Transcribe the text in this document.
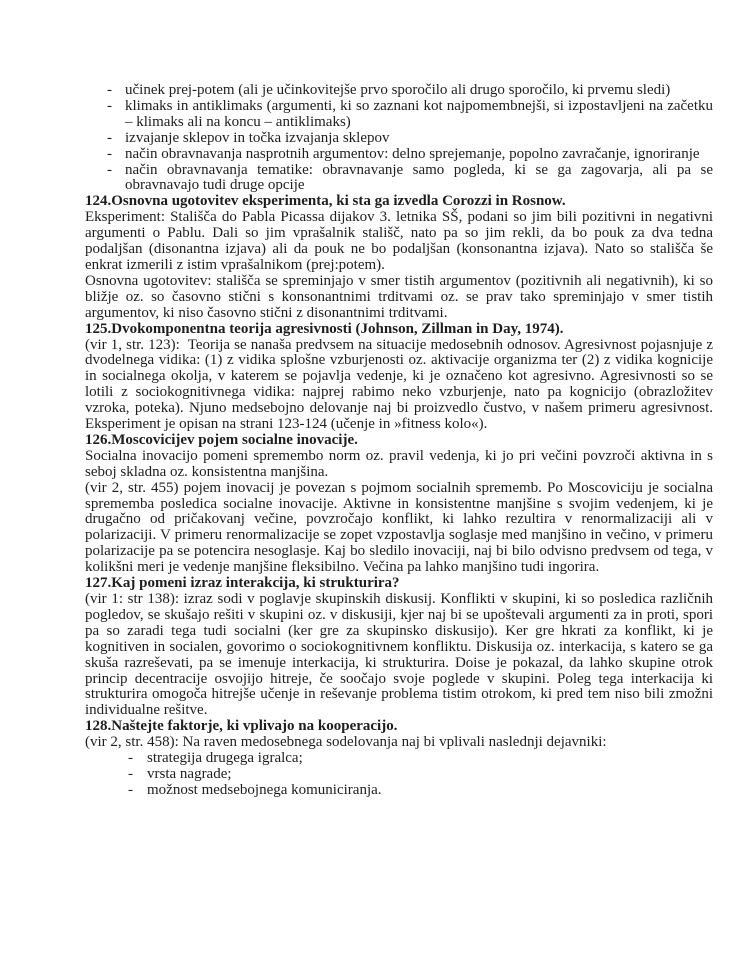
- učinek prej-potem (ali je učinkovitejše prvo sporočilo ali drugo sporočilo, ki prvemu sledi)
- klimaks in antiklimaks (argumenti, ki so zaznani kot najpomembnejši, si izpostavljeni na začetku – klimaks ali na koncu – antiklimaks)
- izvajanje sklepov in točka izvajanja sklepov
- način obravnavanja nasprotnih argumentov: delno sprejemanje, popolno zavračanje, ignoriranje
- način obravnavanja tematike: obravnavanje samo pogleda, ki se ga zagovarja, ali pa se obravnavajo tudi druge opcije
124.Osnovna ugotovitev eksperimenta, ki sta ga izvedla Corozzi in Rosnow.
Eksperiment: Stališča do Pabla Picassa dijakov 3. letnika SŠ, podani so jim bili pozitivni in negativni argumenti o Pablu. Dali so jim vprašalnik stališč, nato pa so jim rekli, da bo pouk za dva tedna podaljšan (disonantna izjava) ali da pouk ne bo podaljšan (konsonantna izjava). Nato so stališča še enkrat izmerili z istim vprašalnikom (prej:potem).
Osnovna ugotovitev: stališča se spreminjajo v smer tistih argumentov (pozitivnih ali negativnih), ki so bližje oz. so časovno stični s konsonantnimi trditvami oz. se prav tako spreminjajo v smer tistih argumentov, ki niso časovno stični z disonantnimi trditvami.
125.Dvokomponentna teorija agresivnosti (Johnson, Zillman in Day, 1974).
(vir 1, str. 123):  Teorija se nanaša predvsem na situacije medosebnih odnosov. Agresivnost pojasnjuje z dvodelnega vidika: (1) z vidika splošne vzburjenosti oz. aktivacije organizma ter (2) z vidika kognicije in socialnega okolja, v katerem se pojavlja vedenje, ki je označeno kot agresivno. Agresivnosti so se lotili z sociokognitivnega vidika: najprej rabimo neko vzburjenje, nato pa kognicijo (obrazložitev vzroka, poteka). Njuno medsebojno delovanje naj bi proizvedlo čustvo, v našem primeru agresivnost. Eksperiment je opisan na strani 123-124 (učenje in »fitness kolo«).
126.Moscovicijev pojem socialne inovacije.
Socialna inovacijo pomeni spremembo norm oz. pravil vedenja, ki jo pri večini povzroči aktivna in s seboj skladna oz. konsistentna manjšina.
(vir 2, str. 455) pojem inovacij je povezan s pojmom socialnih sprememb. Po Moscoviciju je socialna sprememba posledica socialne inovacije. Aktivne in konsistentne manjšine s svojim vedenjem, ki je drugačno od pričakovanj večine, povzročajo konflikt, ki lahko rezultira v renormalizaciji ali v polarizaciji. V primeru renormalizacije se zopet vzpostavlja soglasje med manjšino in večino, v primeru polarizacije pa se potencira nesoglasje. Kaj bo sledilo inovaciji, naj bi bilo odvisno predvsem od tega, v kolikšni meri je vedenje manjšine fleksibilno. Večina pa lahko manjšino tudi ingorira.
127.Kaj pomeni izraz interakcija, ki strukturira?
(vir 1: str 138): izraz sodi v poglavje skupinskih diskusij. Konflikti v skupini, ki so posledica različnih pogledov, se skušajo rešiti v skupini oz. v diskusiji, kjer naj bi se upoštevali argumenti za in proti, spori pa so zaradi tega tudi socialni (ker gre za skupinsko diskusijo). Ker gre hkrati za konflikt, ki je kognitiven in socialen, govorimo o sociokognitivnem konfliktu. Diskusija oz. interkacija, s katero se ga skuša razreševati, pa se imenuje interkacija, ki strukturira. Doise je pokazal, da lahko skupine otrok princip decentracije osvojijo hitreje, če soočajo svoje poglede v skupini. Poleg tega interkacija ki strukturira omogoča hitrejše učenje in reševanje problema tistim otrokom, ki pred tem niso bili zmožni individualne rešitve.
128.Naštejte faktorje, ki vplivajo na kooperacijo.
(vir 2, str. 458): Na raven medosebnega sodelovanja naj bi vplivali naslednji dejavniki:
- strategija drugega igralca;
- vrsta nagrade;
- možnost medsebojnega komuniciranja.
